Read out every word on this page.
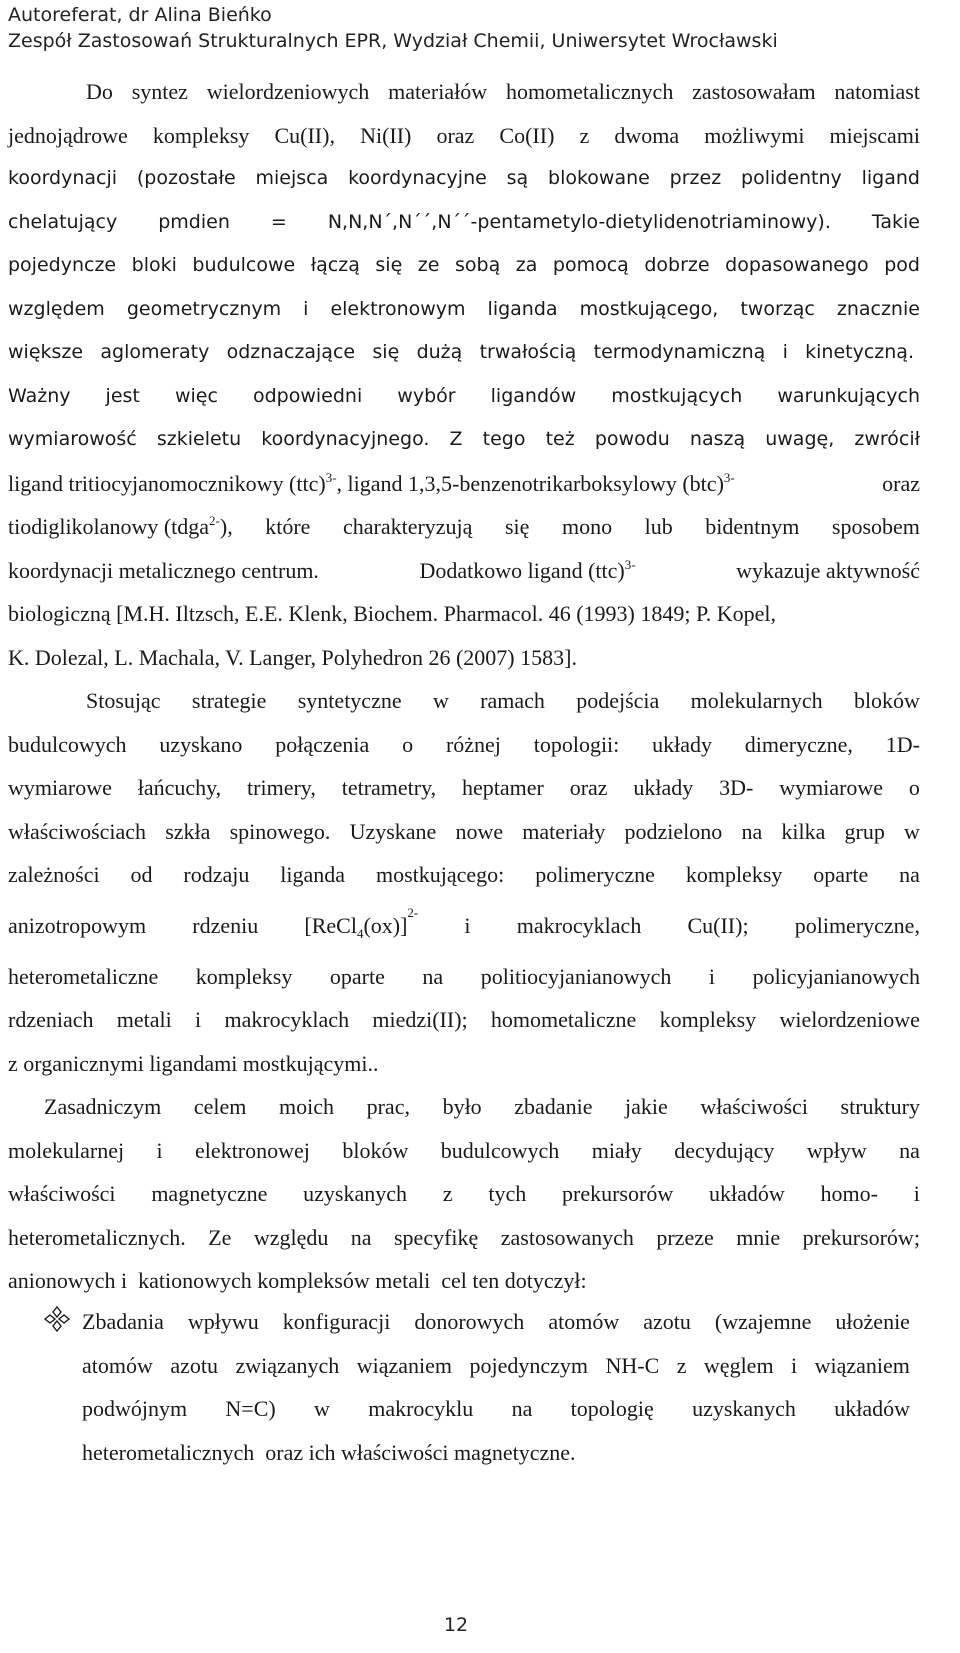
Autoreferat, dr Alina Bieńko
Zespół Zastosowań Strukturalnych EPR, Wydział Chemii, Uniwersytet Wrocławski
Do syntez wielordzeniowych materiałów homometalicznych zastosowałam natomiast
jednojądrowe kompleksy Cu(II), Ni(II) oraz Co(II) z dwoma możliwymi miejscami
koordynacji (pozostałe miejsca koordynacyjne są blokowane przez polidentny ligand
chelatujący pmdien = N,N,N´,N´´,N´´-pentametylo-dietylidenotriaminowy). Takie
pojedyncze bloki budulcowe łączą się ze sobą za pomocą dobrze dopasowanego pod
względem geometrycznym i elektronowym liganda mostkującego, tworząc znacznie
większe aglomeraty odznaczające się dużą trwałością termodynamiczną i kinetyczną.
Ważny jest więc odpowiedni wybór ligandów mostkujących warunkujących
wymiarowość szkieletu koordynacyjnego. Z tego też powodu naszą uwagę, zwrócił
ligand tritiocyjanomocznikowy (ttc)$^{3-}$, ligand 1,3,5-benzenotrikarboksylowy (btc)$^{3-}$	oraz
tiodiglikolanowy (tdga$^{2-}$), które charakteryzują się mono lub bidentnym sposobem
koordynacji metalicznego centrum.	Dodatkowo ligand (ttc)$^{3-}$	wykazuje aktywność
biologiczną [M.H. Iltzsch, E.E. Klenk, Biochem. Pharmacol. 46 (1993) 1849; P. Kopel,
K. Dolezal, L. Machala, V. Langer, Polyhedron 26 (2007) 1583].
Stosując strategie syntetyczne w ramach podejścia molekularnych bloków
budulcowych uzyskano połączenia o różnej topologii: układy dimeryczne, 1D-
wymiarowe łańcuchy, trimery, tetrametry, heptamer oraz układy 3D- wymiarowe o
właściwościach szkła spinowego. Uzyskane nowe materiały podzielono na kilka grup w
zależności od rodzaju liganda mostkującego: polimeryczne kompleksy oparte na
anizotropowym rdzeniu [ReCl$_4$(ox)]$^{2-}$
i makrocyklach Cu(II); polimeryczne,
heterometaliczne kompleksy oparte na politiocyjanianowych i policyjanianowych
rdzeniach metali i makrocyklach miedzi(II); homometaliczne kompleksy wielordzeniowe
z organicznymi ligandami mostkującymi..
Zasadniczym celem moich prac, było zbadanie jakie właściwości struktury
molekularnej i elektronowej bloków budulcowych miały decydujący wpływ na
właściwości magnetyczne uzyskanych z tych prekursorów układów homo- i
heterometalicznych. Ze względu na specyfikę zastosowanych przeze mnie prekursorów;
anionowych i  kationowych kompleksów metali  cel ten dotyczył:
Zbadania wpływu konfiguracji donorowych atomów azotu (wzajemne ułożenie
atomów azotu związanych wiązaniem pojedynczym NH-C z węglem i wiązaniem
podwójnym N=C) w makrocyklu na topologię uzyskanych układów
heterometalicznych  oraz ich właściwości magnetyczne.
12
